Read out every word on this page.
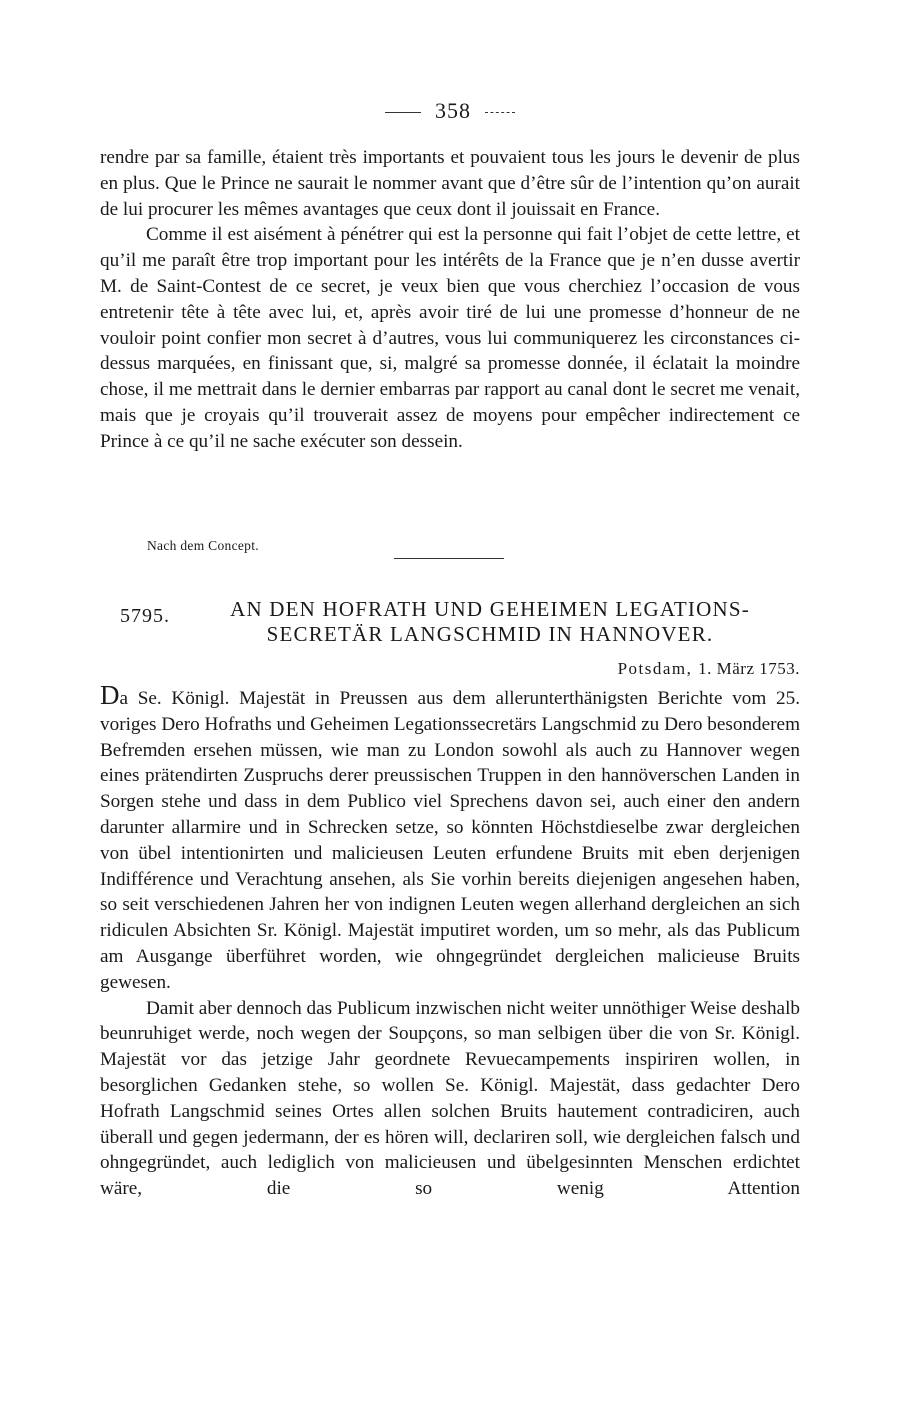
358

rendre par sa famille, étaient très importants et pouvaient tous les jours le devenir de plus en plus. Que le Prince ne saurait le nommer avant que d’être sûr de l’intention qu’on aurait de lui procurer les mêmes avantages que ceux dont il jouissait en France.

Comme il est aisément à pénétrer qui est la personne qui fait l’objet de cette lettre, et qu’il me paraît être trop important pour les intérêts de la France que je n’en dusse avertir M. de Saint-Contest de ce secret, je veux bien que vous cherchiez l’occasion de vous entretenir tête à tête avec lui, et, après avoir tiré de lui une promesse d’honneur de ne vouloir point confier mon secret à d’autres, vous lui communiquerez les circonstances ci-dessus marquées, en finissant que, si, malgré sa promesse donnée, il éclatait la moindre chose, il me mettrait dans le dernier embarras par rapport au canal dont le secret me venait, mais que je croyais qu’il trouverait assez de moyens pour empêcher indirectement ce Prince à ce qu’il ne sache exécuter son dessein.

Nach dem Concept.
5795.	AN DEN HOFRATH UND GEHEIMEN LEGATIONS-
SECRETÄR LANGSCHMID IN HANNOVER.
Potsdam, 1. März 1753.

Da Se. Königl. Majestät in Preussen aus dem allerunterthänigsten Berichte vom 25. voriges Dero Hofraths und Geheimen Legationssecretärs Langschmid zu Dero besonderem Befremden ersehen müssen, wie man zu London sowohl als auch zu Hannover wegen eines prätendirten Zuspruchs derer preussischen Truppen in den hannöverschen Landen in Sorgen stehe und dass in dem Publico viel Sprechens davon sei, auch einer den andern darunter allarmire und in Schrecken setze, so könnten Höchstdieselbe zwar dergleichen von übel intentionirten und malicieusen Leuten erfundene Bruits mit eben derjenigen Indifférence und Verachtung ansehen, als Sie vorhin bereits diejenigen angesehen haben, so seit verschiedenen Jahren her von indignen Leuten wegen allerhand dergleichen an sich ridiculen Absichten Sr. Königl. Majestät imputiret worden, um so mehr, als das Publicum am Ausgange überführet worden, wie ohngegründet dergleichen malicieuse Bruits gewesen.

Damit aber dennoch das Publicum inzwischen nicht weiter unnöthiger Weise deshalb beunruhiget werde, noch wegen der Soupçons, so man selbigen über die von Sr. Königl. Majestät vor das jetzige Jahr geordnete Revuecampements inspiriren wollen, in besorglichen Gedanken stehe, so wollen Se. Königl. Majestät, dass gedachter Dero Hofrath Langschmid seines Ortes allen solchen Bruits hautement contradiciren, auch überall und gegen jedermann, der es hören will, declariren soll, wie dergleichen falsch und ohngegründet, auch lediglich von malicieusen und übelgesinnten Menschen erdichtet wäre, die so wenig Attention
